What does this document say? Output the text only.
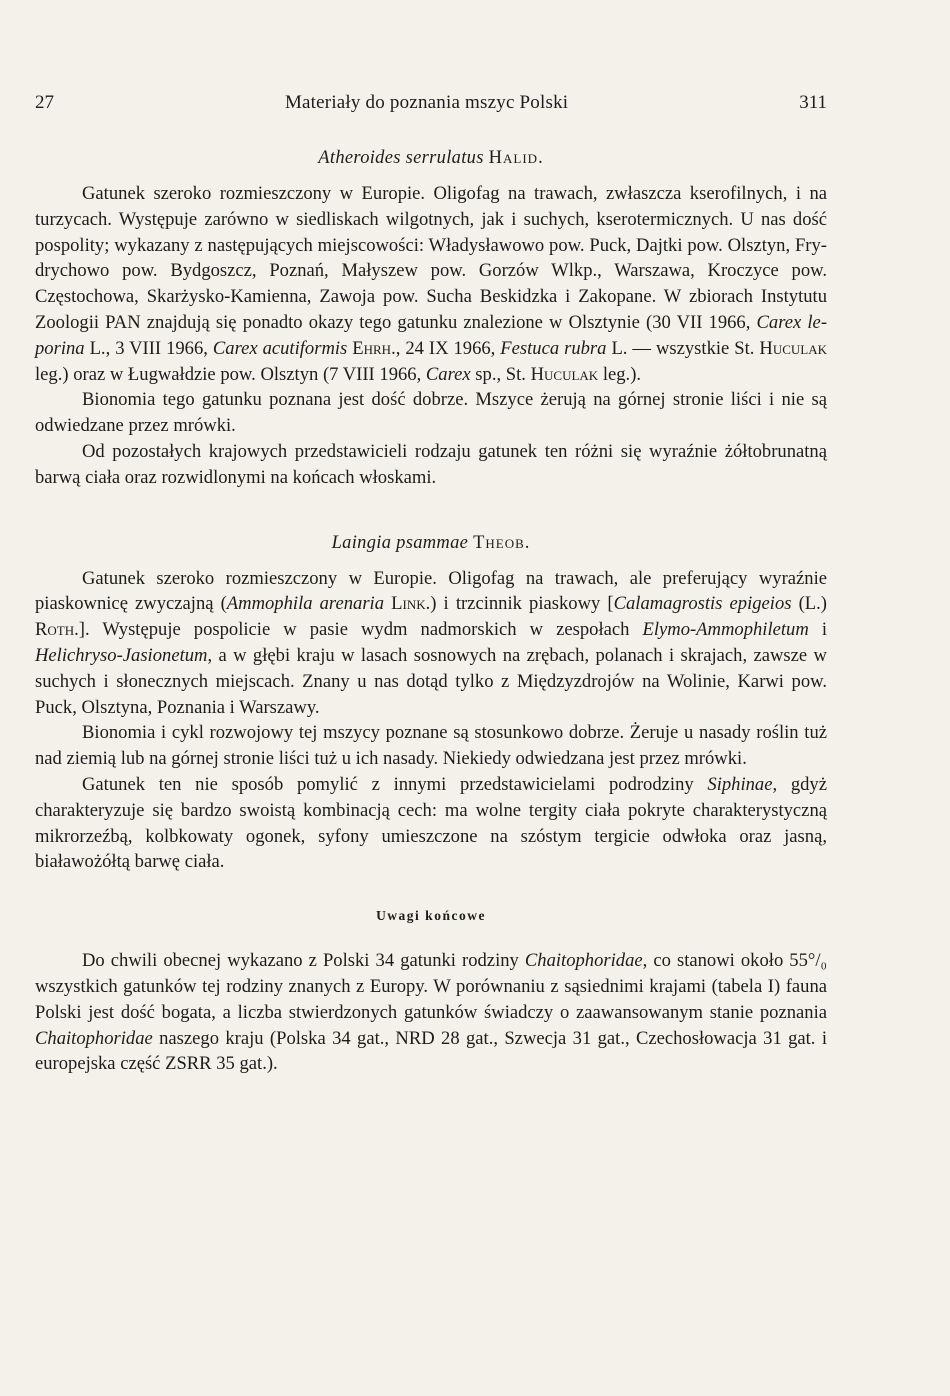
27	Materiały do poznania mszyc Polski	311
Atheroides serrulatus Halid.

Gatunek szeroko rozmieszczony w Europie. Oligofag na trawach, zwłaszcza kserofilnych, i na turzycach. Występuje zarówno w siedliskach wilgotnych, jak i suchych, kserotermicznych. U nas dość pospolity; wykazany z następujących miejscowości: Władysławowo pow. Puck, Dajtki pow. Olsztyn, Frydrychowo pow. Bydgoszcz, Poznań, Małyszew pow. Gorzów Wlkp., Warszawa, Kroczyce pow. Częstochowa, Skarżysko-Kamienna, Zawoja pow. Sucha Beskidzka i Zakopane. W zbiorach Instytutu Zoologii PAN znajdują się ponadto okazy tego gatunku znalezione w Olsztynie (30 VII 1966, Carex leporina L., 3 VIII 1966, Carex acutiformis Ehrh., 24 IX 1966, Festuca rubra L. — wszystkie St. Huculak leg.) oraz w Ługwałdzie pow. Olsztyn (7 VIII 1966, Carex sp., St. Huculak leg.).

Bionomia tego gatunku poznana jest dość dobrze. Mszyce żerują na górnej stronie liści i nie są odwiedzane przez mrówki.

Od pozostałych krajowych przedstawicieli rodzaju gatunek ten różni się wyraźnie żółtobrunatną barwą ciała oraz rozwidlonymi na końcach włoskami.

Laingia psammae Theob.

Gatunek szeroko rozmieszczony w Europie. Oligofag na trawach, ale preferujący wyraźnie piaskownicę zwyczajną (Ammophila arenaria Link.) i trzcinnik piaskowy [Calamagrostis epigeios (L.) Roth.]. Występuje pospolicie w pasie wydm nadmorskich w zespołach Elymo-Ammophiletum i Helichryso-Jasionetum, a w głębi kraju w lasach sosnowych na zrębach, polanach i skrajach, zawsze w suchych i słonecznych miejscach. Znany u nas dotąd tylko z Międzyzdrojów na Wolinie, Karwi pow. Puck, Olsztyna, Poznania i Warszawy.

Bionomia i cykl rozwojowy tej mszycy poznane są stosunkowo dobrze. Żeruje u nasady roślin tuż nad ziemią lub na górnej stronie liści tuż u ich nasady. Niekiedy odwiedzana jest przez mrówki.

Gatunek ten nie sposób pomylić z innymi przedstawicielami podrodziny Siphinae, gdyż charakteryzuje się bardzo swoistą kombinacją cech: ma wolne tergity ciała pokryte charakterystyczną mikrorzeźbą, kolbkowaty ogonek, syfony umieszczone na szóstym tergicie odwłoka oraz jasną, białawożółtą barwę ciała.

Uwagi końcowe

Do chwili obecnej wykazano z Polski 34 gatunki rodziny Chaitophoridae, co stanowi około 55°/₀ wszystkich gatunków tej rodziny znanych z Europy. W porównaniu z sąsiednimi krajami (tabela I) fauna Polski jest dość bogata, a liczba stwierdzonych gatunków świadczy o zaawansowanym stanie poznania Chaitophoridae naszego kraju (Polska 34 gat., NRD 28 gat., Szwecja 31 gat., Czechosłowacja 31 gat. i europejska część ZSRR 35 gat.).
